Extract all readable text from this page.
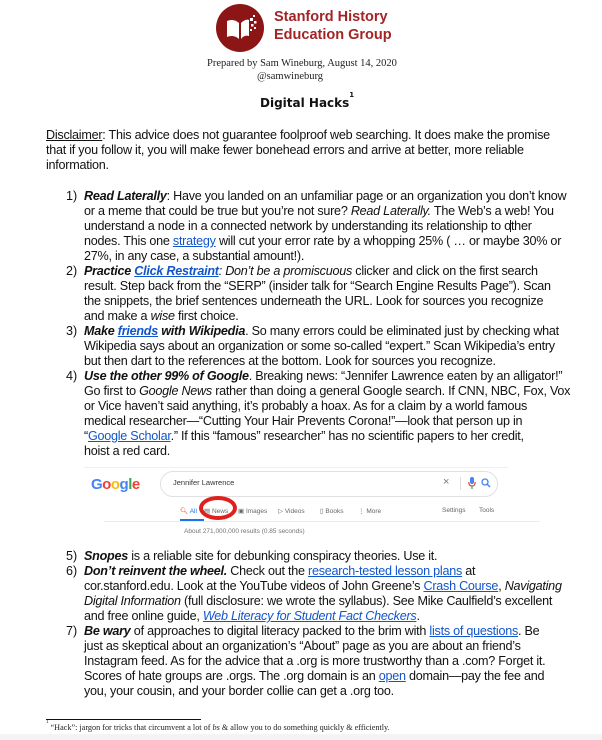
Stanford History
Education Group
Prepared by Sam Wineburg, August 14, 2020
@samwineburg
Digital Hacks$^1$
Disclaimer: This advice does not guarantee foolproof web searching. It does make the promise
that if you follow it, you will make fewer bonehead errors and arrive at better, more reliable
information.
1) Read Laterally: Have you landed on an unfamiliar page or an organization you don’t know
or a meme that could be true but you’re not sure? Read Laterally. The Web’s a web! You
understand a node in a connected network by understanding its relationship to other
nodes. This one strategy will cut your error rate by a whopping 25% ( … or maybe 30% or
27%, in any case, a substantial amount!).
2) Practice Click Restraint: Don’t be a promiscuous clicker and click on the first search
result. Step back from the “SERP” (insider talk for “Search Engine Results Page”). Scan
the snippets, the brief sentences underneath the URL. Look for sources you recognize
and make a wise first choice.
3) Make friends with Wikipedia. So many errors could be eliminated just by checking what
Wikipedia says about an organization or some so-called “expert.” Scan Wikipedia’s entry
but then dart to the references at the bottom. Look for sources you recognize.
4) Use the other 99% of Google. Breaking news: “Jennifer Lawrence eaten by an alligator!”
Go first to Google News rather than doing a general Google search. If CNN, NBC, Fox, Vox
or Vice haven’t said anything, it’s probably a hoax. As for a claim by a world famous
medical researcher—“Cutting Your Hair Prevents Corona!”—look that person up in
“Google Scholar.” If this “famous” researcher” has no scientific papers to her credit,
hoist a red card.
Google	Jennifer Lawrence	×
🔍︎ All ▤ News ▣ Images ▷ Videos ▯ Books ⋮ More	Settings Tools
About 271,000,000 results (0.85 seconds)
5) Snopes is a reliable site for debunking conspiracy theories. Use it.
6) Don’t reinvent the wheel. Check out the research-tested lesson plans at
cor.stanford.edu. Look at the YouTube videos of John Greene’s Crash Course, Navigating
Digital Information (full disclosure: we wrote the syllabus). See Mike Caulfield’s excellent
and free online guide, Web Literacy for Student Fact Checkers.
7) Be wary of approaches to digital literacy packed to the brim with lists of questions. Be
just as skeptical about an organization’s “About” page as you are about an friend’s
Instagram feed. As for the advice that a .org is more trustworthy than a .com? Forget it.
Scores of hate groups are .orgs. The .org domain is an open domain—pay the fee and
you, your cousin, and your border collie can get a .org too.
$^1$ “Hack”: jargon for tricks that circumvent a lot of bs & allow you to do something quickly & efficiently.
